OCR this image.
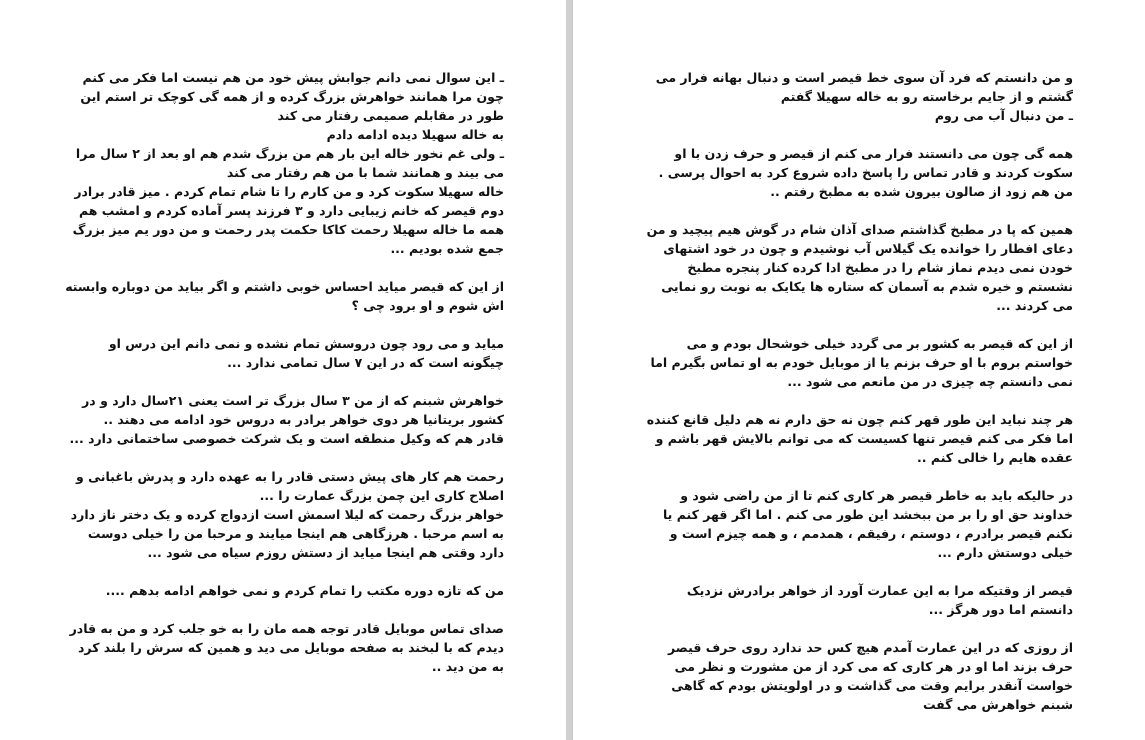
ـ این سوال نمی دانم جوابش پیش خود من هم نیست اما فکر می کنم چون مرا همانند خواهرش بزرگ کرده و از همه گی کوچک تر استم این طور در مقابلم صمیمی رفتار می کند

به خاله سهیلا دیده ادامه دادم

ـ ولی غم نخور خاله این بار هم من بزرگ شدم هم او بعد از ۲ سال مرا می بیند و همانند شما با من هم رفتار می کند

خاله سهیلا سکوت کرد و من کارم را تا شام تمام کردم . میز قادر برادر دوم قیصر که خانم زیبایی دارد و ۳ فرزند پسر آماده کردم و امشب هم همه ما خاله سهیلا رحمت کاکا حکمت پدر رحمت و من دور یم میز بزرگ جمع شده بودیم ...

از این که قیصر میاید احساس خوبی داشتم و اگر بیاید من دوباره وابسته اش شوم و او برود چی ؟

میاید و می رود چون دروسش تمام نشده و نمی دانم این درس او چیگونه است که در این ۷ سال تمامی ندارد ...

خواهرش شبنم که از من ۳ سال بزرگ تر است یعنی ۲۱سال دارد و در کشور بریتانیا هر دوی خواهر برادر به دروس خود ادامه می دهند ..

قادر هم که وکیل منطقه است و یک شرکت خصوصی ساختمانی دارد ...

رحمت هم کار های پیش دستی قادر را به عهده دارد و پدرش باغبانی و اصلاح کاری این چمن بزرگ عمارت را ...

خواهر بزرگ رحمت که لیلا اسمش است ازدواج کرده و یک دختر ناز دارد به اسم مرحبا . هرزگاهی هم اینجا میایند و مرحبا من را خیلی دوست دارد وقتی هم اینجا میاید از دستش روزم سیاه می شود ...

من که تازه دوره مکتب را تمام کردم و نمی خواهم ادامه بدهم ....

صدای تماس موبایل قادر توجه همه مان را به خو جلب کرد و من به قادر دیدم که با لبخند به صفحه موبایل می دید و همین که سرش را بلند کرد به من دید ..

و من دانستم که فرد آن سوی خط قیصر است و دنبال بهانه فرار می گشتم و از جایم برخاسته رو به خاله سهیلا گفتم

ـ من دنبال آب می روم

همه گی چون می دانستند فرار می کنم از قیصر و حرف زدن با او سکوت کردند و قادر تماس را پاسخ داده شروع کرد به احوال پرسی . من هم زود از صالون بیرون شده به مطبخ رفتم ..

همین که پا در مطبخ گذاشتم صدای آذان شام در گوش هیم پیچید و من دعای افطار را خوانده یک گیلاس آب نوشیدم و چون در خود اشتهای خودن نمی دیدم نماز شام را در مطبخ ادا کرده کنار پنجره مطبخ نشستم و خیره شدم به آسمان که ستاره ها یکایک به نوبت رو نمایی می کردند ...

از این که قیصر به کشور بر می گردد خیلی خوشحال بودم و می خواستم بروم با او حرف بزنم یا از موبایل خودم به او تماس بگیرم اما نمی دانستم چه چیزی در من مانعم می شود ...

هر چند نباید این طور قهر کنم چون نه حق دارم نه هم دلیل قانع کننده اما فکر می کنم قیصر تنها کسیست که می توانم بالایش قهر باشم و عقده هایم را خالی کنم ..

در حالیکه باید به خاطر قیصر هر کاری کنم تا از من راضی شود و خداوند حق او را بر من ببخشد این طور می کنم . اما اگر قهر کنم یا نکنم قیصر برادرم ، دوستم ، رفیقم ، همدمم ، و همه چیزم است و خیلی دوستش دارم ...

قیصر از وقتیکه مرا به این عمارت آورد از خواهر برادرش نزدیک دانستم اما دور هرگز ...

از روزی که در این عمارت آمدم هیچ کس حد ندارد روی حرف قیصر حرف بزند اما او در هر کاری که می کرد از من مشورت و نظر می خواست آنقدر برایم وقت می گذاشت و در اولویتش بودم که گاهی شبنم خواهرش می گفت
